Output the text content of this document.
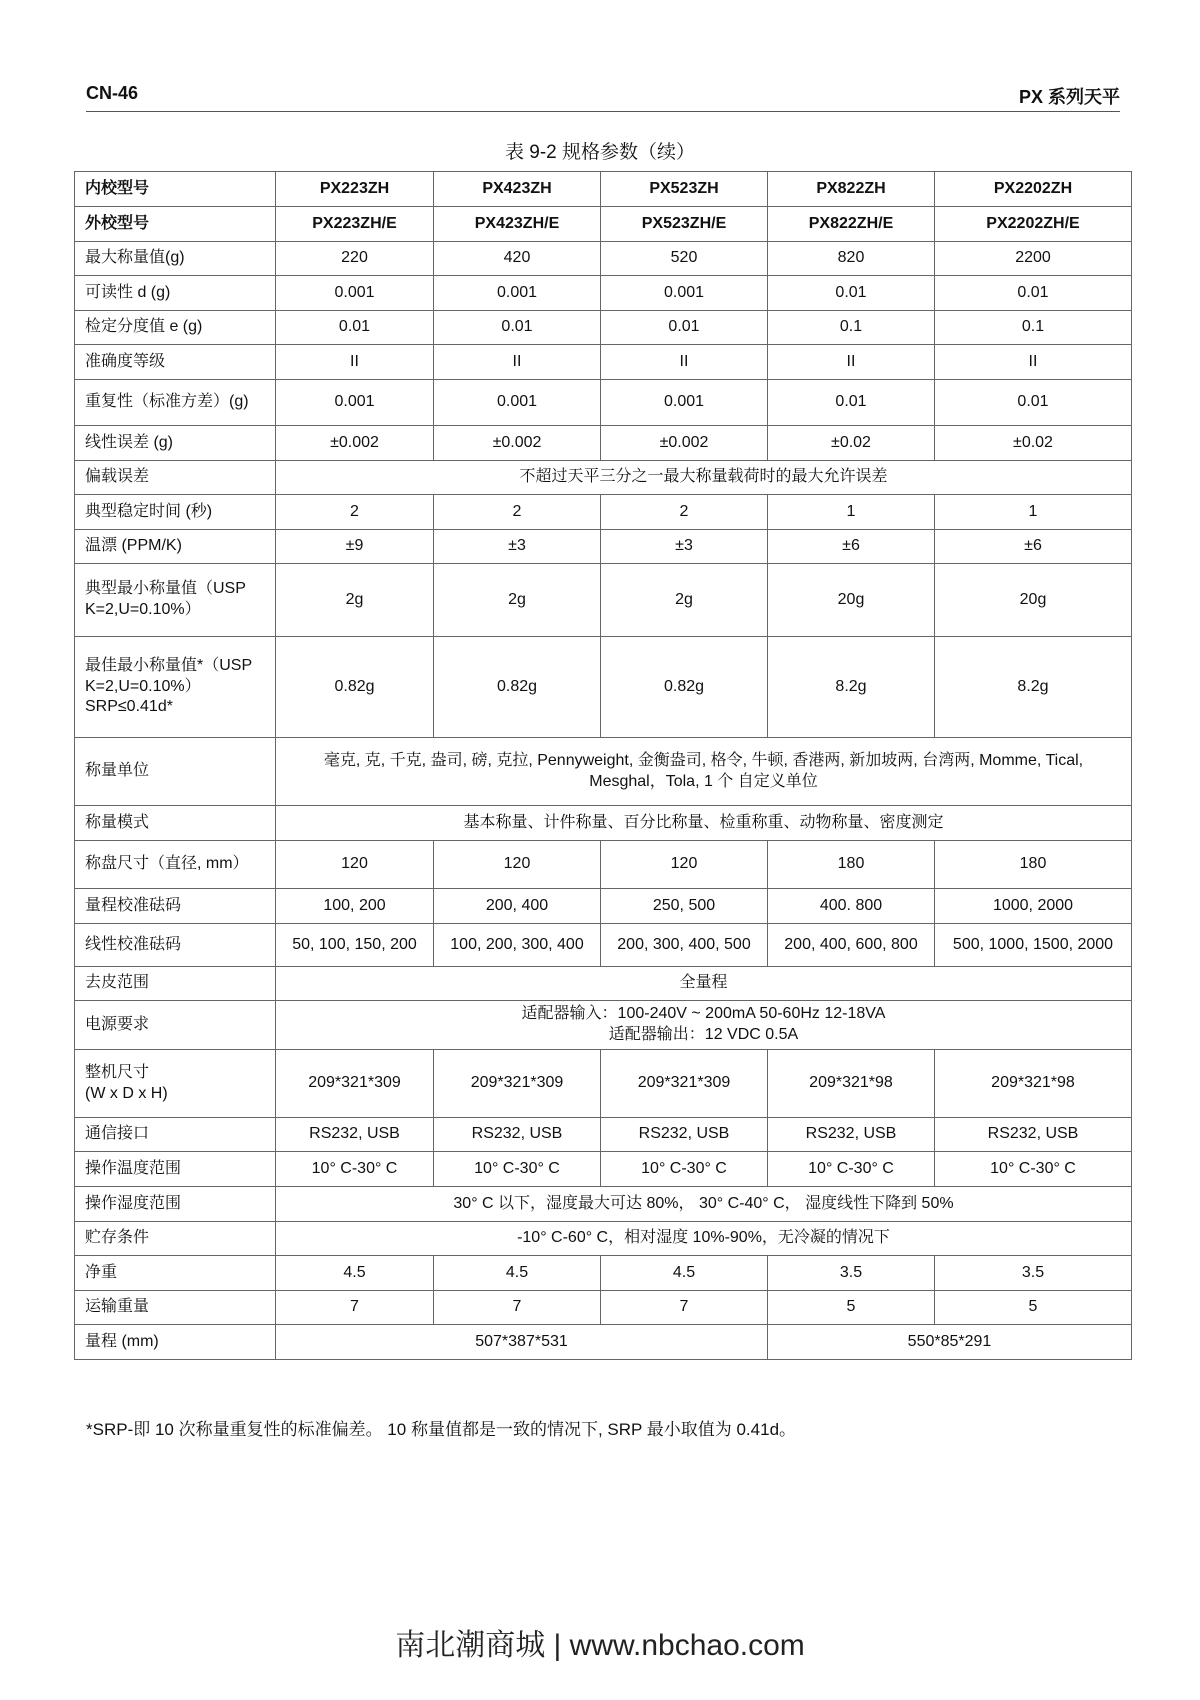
CN-46	PX 系列天平
表 9-2 规格参数（续）
内校型号	PX223ZH	PX423ZH	PX523ZH	PX822ZH	PX2202ZH
外校型号	PX223ZH/E	PX423ZH/E	PX523ZH/E	PX822ZH/E	PX2202ZH/E
最大称量值(g)	220	420	520	820	2200
可读性 d (g)	0.001	0.001	0.001	0.01	0.01
检定分度值 e (g)	0.01	0.01	0.01	0.1	0.1
准确度等级	II	II	II	II	II
重复性（标准方差）(g)	0.001	0.001	0.001	0.01	0.01
线性误差 (g)	±0.002	±0.002	±0.002	±0.02	±0.02
偏载误差	不超过天平三分之一最大称量载荷时的最大允许误差				
典型稳定时间 (秒)	2	2	2	1	1
温漂 (PPM/K)	±9	±3	±3	±6	±6
典型最小称量值（USP K=2,U=0.10%）	2g	2g	2g	20g	20g
最佳最小称量值*（USP K=2,U=0.10%）SRP≤0.41d*	0.82g	0.82g	0.82g	8.2g	8.2g
称量单位	毫克, 克, 千克, 盎司, 磅, 克拉, Pennyweight, 金衡盎司, 格令, 牛顿, 香港两, 新加坡两, 台湾两, Momme, Tical, Mesghal，Tola, 1 个 自定义单位				
称量模式	基本称量、计件称量、百分比称量、检重称重、动物称量、密度测定				
称盘尺寸（直径, mm）	120	120	120	180	180
量程校准砝码	100, 200	200, 400	250, 500	400. 800	1000, 2000
线性校准砝码	50, 100, 150, 200	100, 200, 300, 400	200, 300, 400, 500	200, 400, 600, 800	500, 1000, 1500, 2000
去皮范围	全量程				
电源要求	适配器输入：100-240V ~ 200mA 50-60Hz 12-18VA
适配器输出：12 VDC 0.5A				
整机尺寸
(W x D x H)	209*321*309	209*321*309	209*321*309	209*321*98	209*321*98
通信接口	RS232, USB	RS232, USB	RS232, USB	RS232, USB	RS232, USB
操作温度范围	10° C-30° C	10° C-30° C	10° C-30° C	10° C-30° C	10° C-30° C
操作湿度范围	30° C 以下，湿度最大可达 80%， 30° C-40° C， 湿度线性下降到 50%				
贮存条件	-10° C-60° C，相对湿度 10%-90%，无冷凝的情况下				
净重	4.5	4.5	4.5	3.5	3.5
运输重量	7	7	7	5	5
量程 (mm)	507*387*531			550*85*291	
*SRP-即 10 次称量重复性的标准偏差。 10 称量值都是一致的情况下, SRP 最小取值为 0.41d。
南北潮商城 | www.nbchao.com
